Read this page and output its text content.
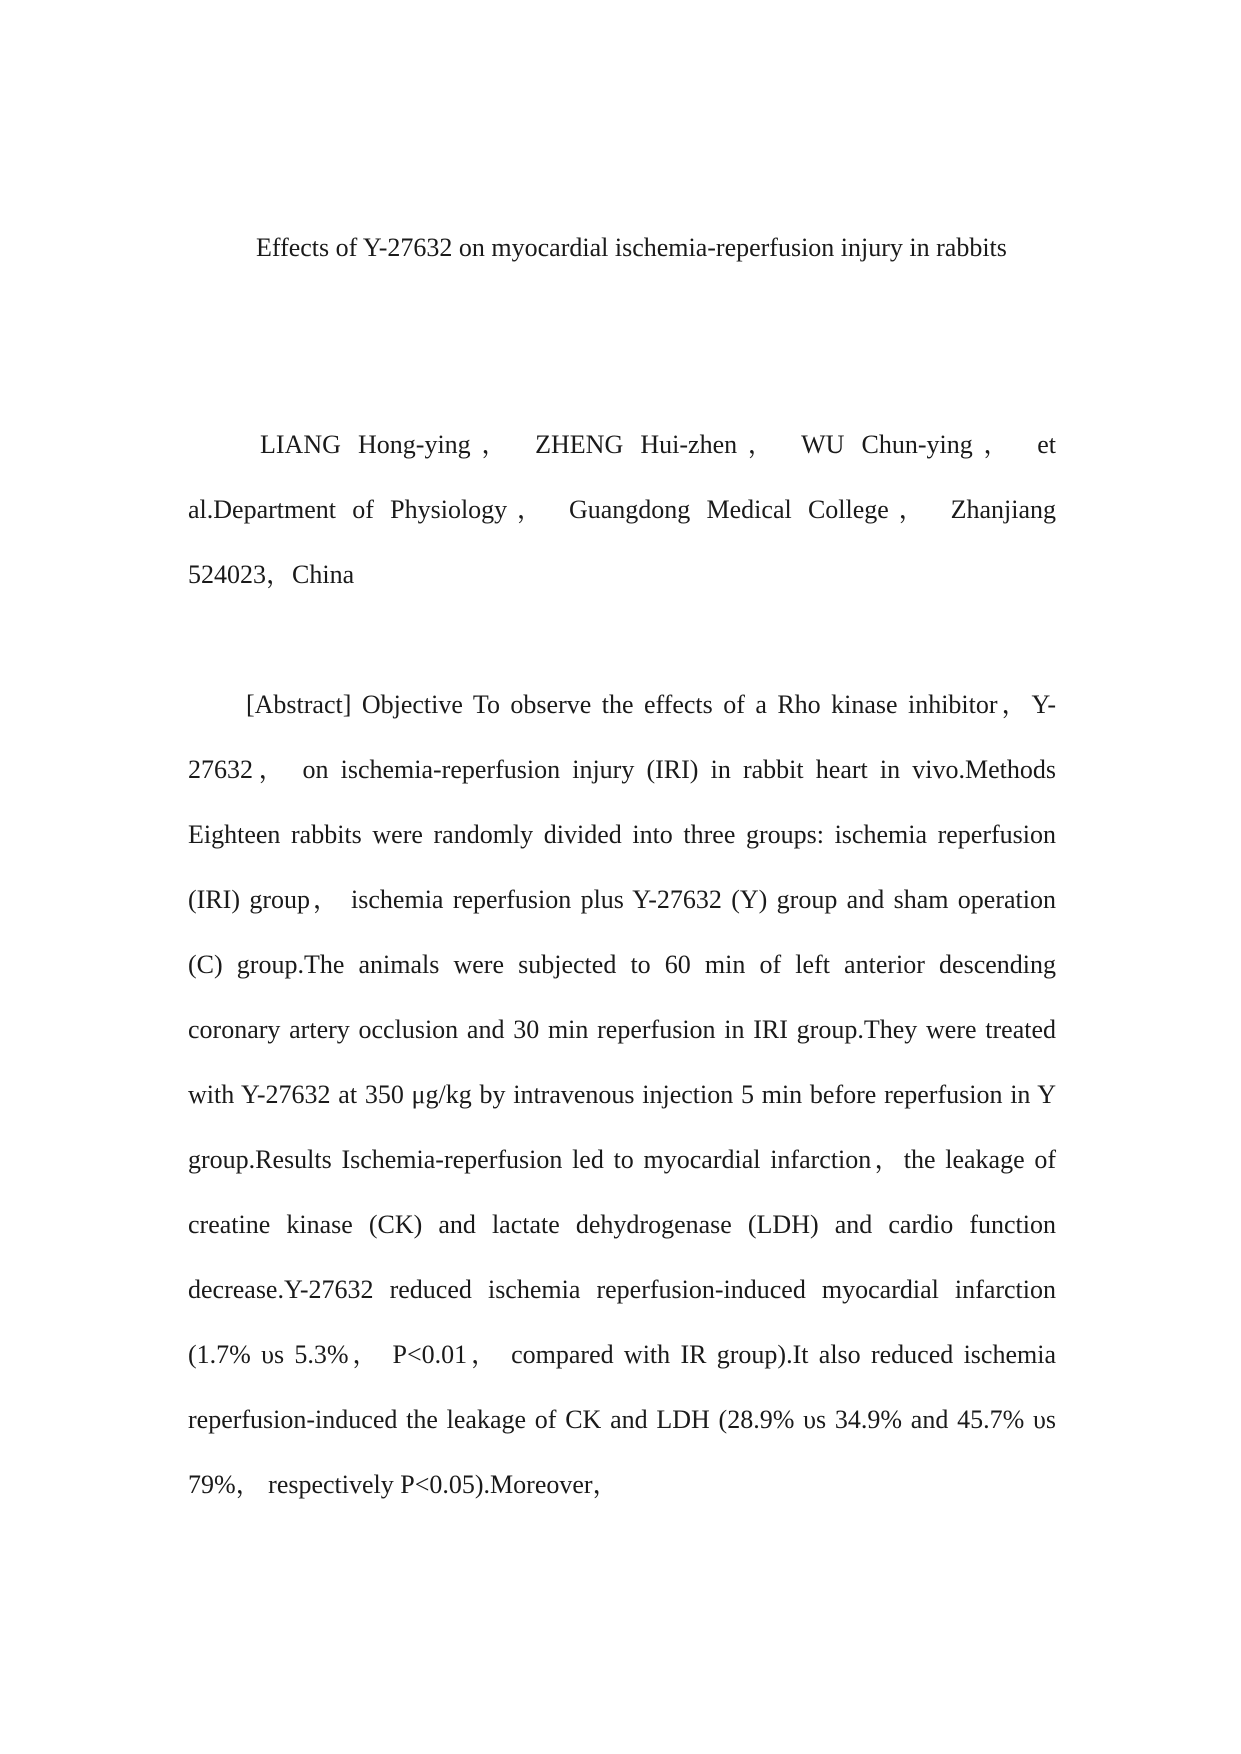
Effects of Y-27632 on myocardial ischemia-reperfusion injury in rabbits

LIANG Hong-ying， ZHENG Hui-zhen， WU Chun-ying， et al.Department of Physiology， Guangdong Medical College， Zhanjiang 524023，China

[Abstract] Objective To observe the effects of a Rho kinase inhibitor，Y-27632， on ischemia-reperfusion injury (IRI) in rabbit heart in vivo.Methods Eighteen rabbits were randomly divided into three groups: ischemia reperfusion (IRI) group， ischemia reperfusion plus Y-27632 (Y) group and sham operation (C) group.The animals were subjected to 60 min of left anterior descending coronary artery occlusion and 30 min reperfusion in IRI group.They were treated with Y-27632 at 350 μg/kg by intravenous injection 5 min before reperfusion in Y group.Results Ischemia-reperfusion led to myocardial infarction，the leakage of creatine kinase (CK) and lactate dehydrogenase (LDH) and cardio function decrease.Y-27632 reduced ischemia reperfusion-induced myocardial infarction (1.7% υs 5.3%， P<0.01， compared with IR group).It also reduced ischemia reperfusion-induced the leakage of CK and LDH (28.9% υs 34.9% and 45.7% υs 79%， respectively P<0.05).Moreover，
